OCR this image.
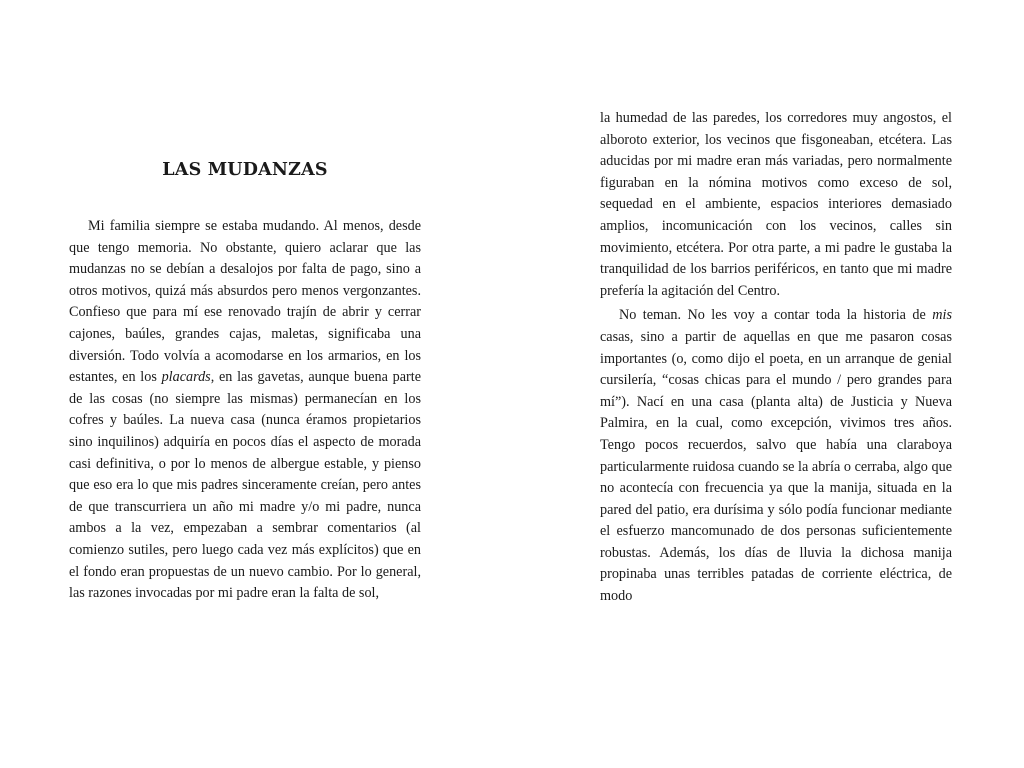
LAS MUDANZAS

Mi familia siempre se estaba mudando. Al menos, desde que tengo memoria. No obstante, quiero aclarar que las mudanzas no se debían a desalojos por falta de pago, sino a otros motivos, quizá más absurdos pero menos vergonzantes. Confieso que para mí ese renovado trajín de abrir y cerrar cajones, baúles, grandes cajas, maletas, significaba una diversión. Todo volvía a acomodarse en los armarios, en los estantes, en los placards, en las gavetas, aunque buena parte de las cosas (no siempre las mismas) permanecían en los cofres y baúles. La nueva casa (nunca éramos propietarios sino inquilinos) adquiría en pocos días el aspecto de morada casi definitiva, o por lo menos de albergue estable, y pienso que eso era lo que mis padres sinceramente creían, pero antes de que transcurriera un año mi madre y/o mi padre, nunca ambos a la vez, empezaban a sembrar comentarios (al comienzo sutiles, pero luego cada vez más explícitos) que en el fondo eran propuestas de un nuevo cambio. Por lo general, las razones invocadas por mi padre eran la falta de sol,

la humedad de las paredes, los corredores muy angostos, el alboroto exterior, los vecinos que fisgoneaban, etcétera. Las aducidas por mi madre eran más variadas, pero normalmente figuraban en la nómina motivos como exceso de sol, sequedad en el ambiente, espacios interiores demasiado amplios, incomunicación con los vecinos, calles sin movimiento, etcétera. Por otra parte, a mi padre le gustaba la tranquilidad de los barrios periféricos, en tanto que mi madre prefería la agitación del Centro.

No teman. No les voy a contar toda la historia de mis casas, sino a partir de aquellas en que me pasaron cosas importantes (o, como dijo el poeta, en un arranque de genial cursilería, “cosas chicas para el mundo / pero grandes para mí”). Nací en una casa (planta alta) de Justicia y Nueva Palmira, en la cual, como excepción, vivimos tres años. Tengo pocos recuerdos, salvo que había una claraboya particularmente ruidosa cuando se la abría o cerraba, algo que no acontecía con frecuencia ya que la manija, situada en la pared del patio, era durísima y sólo podía funcionar mediante el esfuerzo mancomunado de dos personas suficientemente robustas. Además, los días de lluvia la dichosa manija propinaba unas terribles patadas de corriente eléctrica, de modo
